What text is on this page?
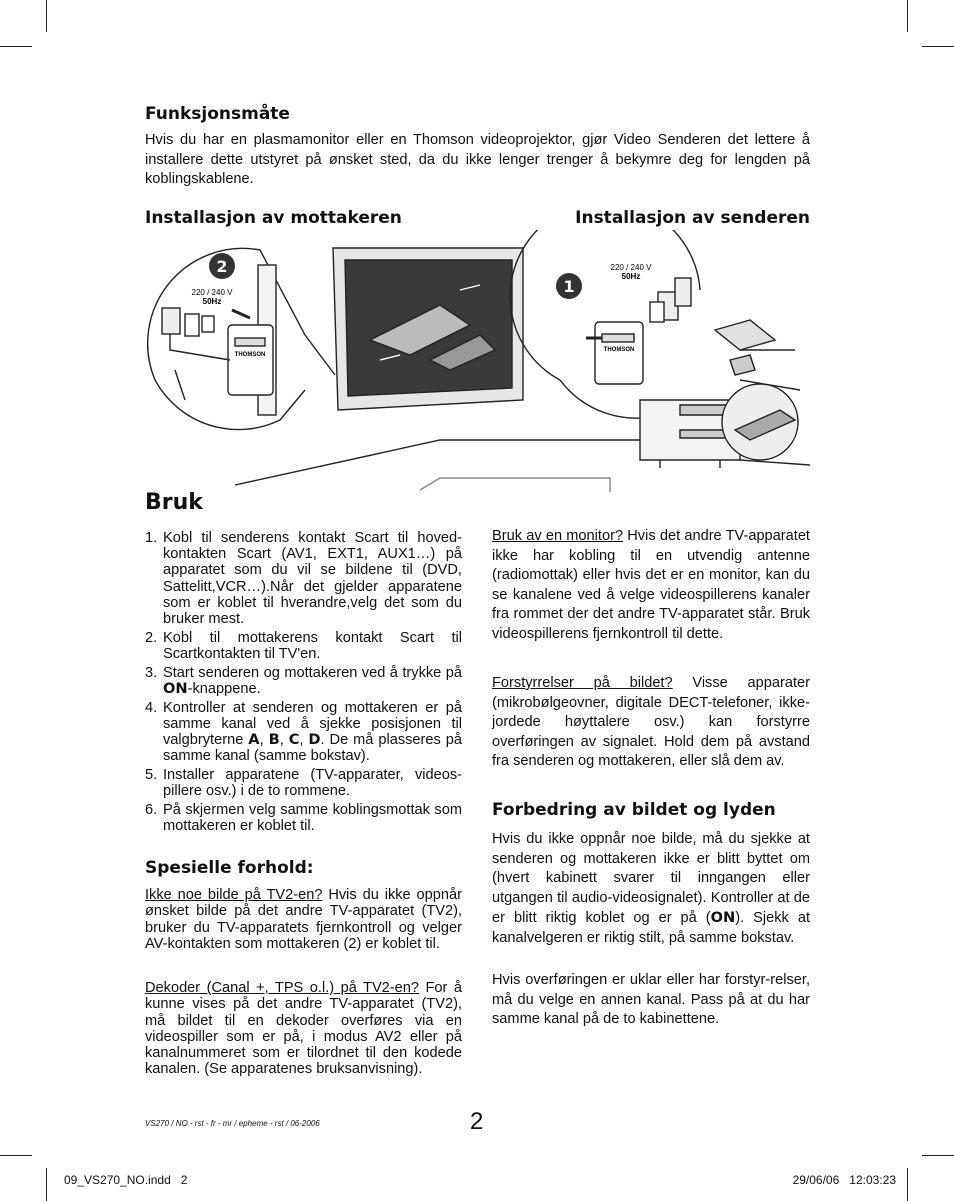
Funksjonsmåte
Hvis du har en plasmamonitor eller en Thomson videoprojektor, gjør Video Senderen det lettere å installere dette utstyret på ønsket sted, da du ikke lenger trenger å bekymre deg for lengden på koblingskablene.
Installasjon av mottakeren	Installasjon av senderen
2
1
220 / 240 V
50Hz
220 / 240 V
50Hz
THOMSON
THOMSON
Bruk
1. Kobl til senderens kontakt Scart til hoved-kontakten Scart (AV1, EXT1, AUX1…) på apparatet som du vil se bildene til (DVD, Sattelitt,VCR…).Når det gjelder apparatene som er koblet til hverandre,velg det som du bruker mest.
2. Kobl til mottakerens kontakt Scart til Scartkontakten til TV'en.
3. Start senderen og mottakeren ved å trykke på ON-knappene.
4. Kontroller at senderen og mottakeren er på samme kanal ved å sjekke posisjonen til valgbryterne A, B, C, D. De må plasseres på samme kanal (samme bokstav).
5. Installer apparatene (TV-apparater, videos-pillere osv.) i de to rommene.
6. På skjermen velg samme koblingsmottak som mottakeren er koblet til.
Spesielle forhold:
Ikke noe bilde på TV2-en? Hvis du ikke oppnår ønsket bilde på det andre TV-apparatet (TV2), bruker du TV-apparatets fjernkontroll og velger AV-kontakten som mottakeren (2) er koblet til.
Dekoder (Canal +, TPS o.l.) på TV2-en? For å kunne vises på det andre TV-apparatet (TV2), må bildet til en dekoder overføres via en videospiller som er på, i modus AV2 eller på kanalnummeret som er tilordnet til den kodede kanalen. (Se apparatenes bruksanvisning).
Bruk av en monitor? Hvis det andre TV-apparatet ikke har kobling til en utvendig antenne (radiomottak) eller hvis det er en monitor, kan du se kanalene ved å velge videospillerens kanaler fra rommet der det andre TV-apparatet står. Bruk videospillerens fjernkontroll til dette.
Forstyrrelser på bildet? Visse apparater (mikrobølgeovner, digitale DECT-telefoner, ikke-jordede høyttalere osv.) kan forstyrre overføringen av signalet. Hold dem på avstand fra senderen og mottakeren, eller slå dem av.
Forbedring av bildet og lyden
Hvis du ikke oppnår noe bilde, må du sjekke at senderen og mottakeren ikke er blitt byttet om (hvert kabinett svarer til inngangen eller utgangen til audio-videosignalet). Kontroller at de er blitt riktig koblet og er på (ON). Sjekk at kanalvelgeren er riktig stilt, på samme bokstav.
Hvis overføringen er uklar eller har forstyr-relser, må du velge en annen kanal. Pass på at du har samme kanal på de to kabinettene.
VS270 / NO - rst - fr - mr / epheme - rst / 06-2006	2
09_VS270_NO.indd   2	29/06/06   12:03:23
